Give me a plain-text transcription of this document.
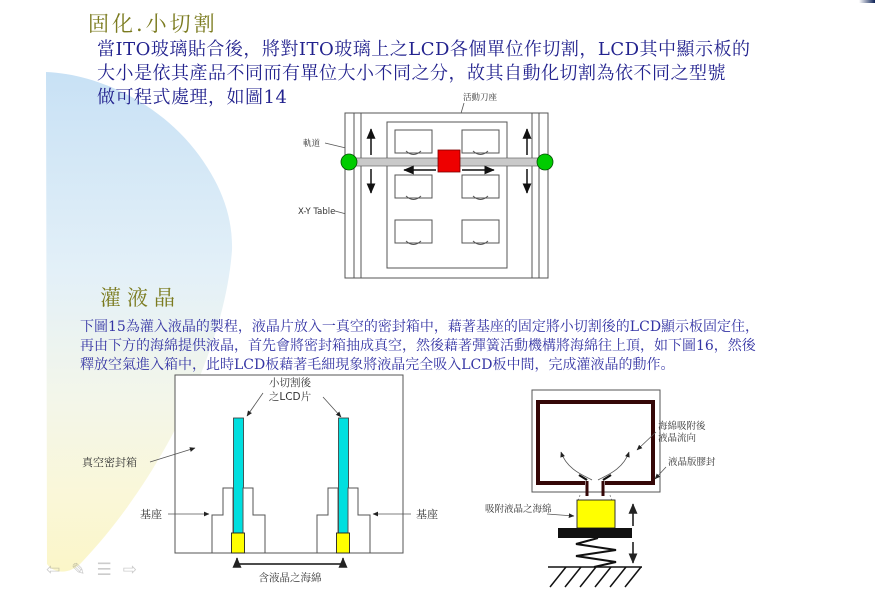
固化.小切割
當ITO玻璃貼合後，將對ITO玻璃上之LCD各個單位作切割，LCD其中顯示板的
大小是依其產品不同而有單位大小不同之分，故其自動化切割為依不同之型號
做可程式處理，如圖14	活動刀座
軌道
X-Y Table
灌液晶
下圖15為灌入液晶的製程，液晶片放入一真空的密封箱中，藉著基座的固定將小切割後的LCD顯示板固定住，
再由下方的海綿提供液晶，首先會將密封箱抽成真空，然後藉著彈簧活動機構將海綿往上頂，如下圖16，然後
釋放空氣進入箱中，此時LCD板藉著毛細現象將液晶完全吸入LCD板中間，完成灌液晶的動作。
小切割後
之LCD片
真空密封箱
基座	基座
含液晶之海綿
海綿吸附後
液晶流向
液晶版膠封
吸附液晶之海綿
⇦ ✎ ☰ ⇨
